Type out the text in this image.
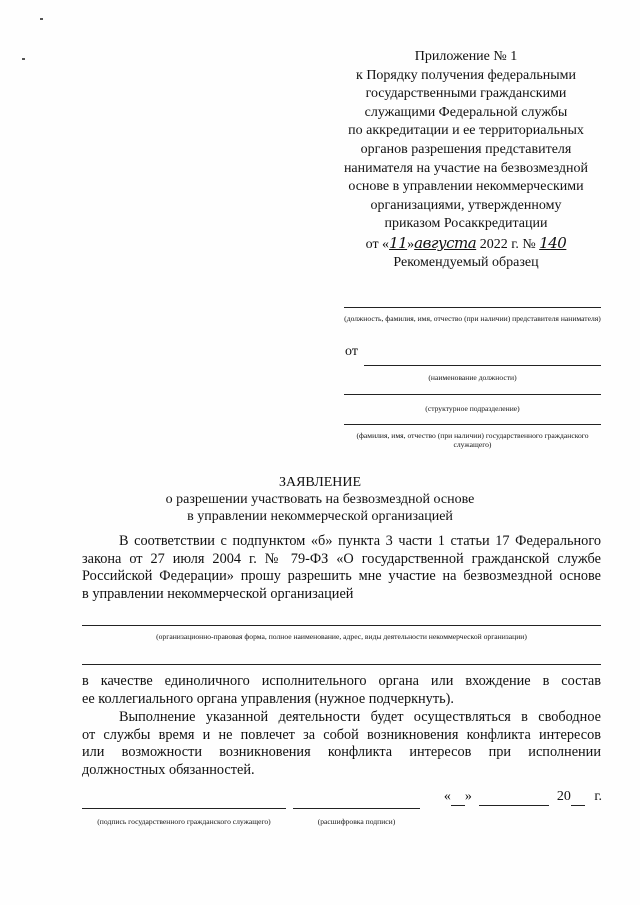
Приложение № 1
к Порядку получения федеральными
государственными гражданскими
служащими Федеральной службы
по аккредитации и ее территориальных
органов разрешения представителя
нанимателя на участие на безвозмездной
основе в управлении некоммерческими
организациями, утвержденному
приказом Росаккредитации
от «11»августа 2022 г. № 140
Рекомендуемый образец
(должность, фамилия, имя, отчество (при наличии) представителя нанимателя)
от
(наименование должности)
(структурное подразделение)
(фамилия, имя, отчество (при наличии) государственного гражданского служащего)
ЗАЯВЛЕНИЕ
о разрешении участвовать на безвозмездной основе
в управлении некоммерческой организацией
В соответствии с подпунктом «б» пункта 3 части 1 статьи 17 Федерального
закона от 27 июля 2004 г. № 79-ФЗ «О государственной гражданской службе
Российской Федерации» прошу разрешить мне участие на безвозмездной основе
в управлении некоммерческой организацией
(организационно-правовая форма, полное наименование, адрес, виды деятельности некоммерческой организации)
в качестве единоличного исполнительного органа или вхождение в состав
ее коллегиального органа управления (нужное подчеркнуть).
Выполнение указанной деятельности будет осуществляться в свободное
от службы время и не повлечет за собой возникновения конфликта интересов
или возможности возникновения конфликта интересов при исполнении
должностных обязанностей.
« »	20 г.
(подпись государственного гражданского служащего)	(расшифровка подписи)
